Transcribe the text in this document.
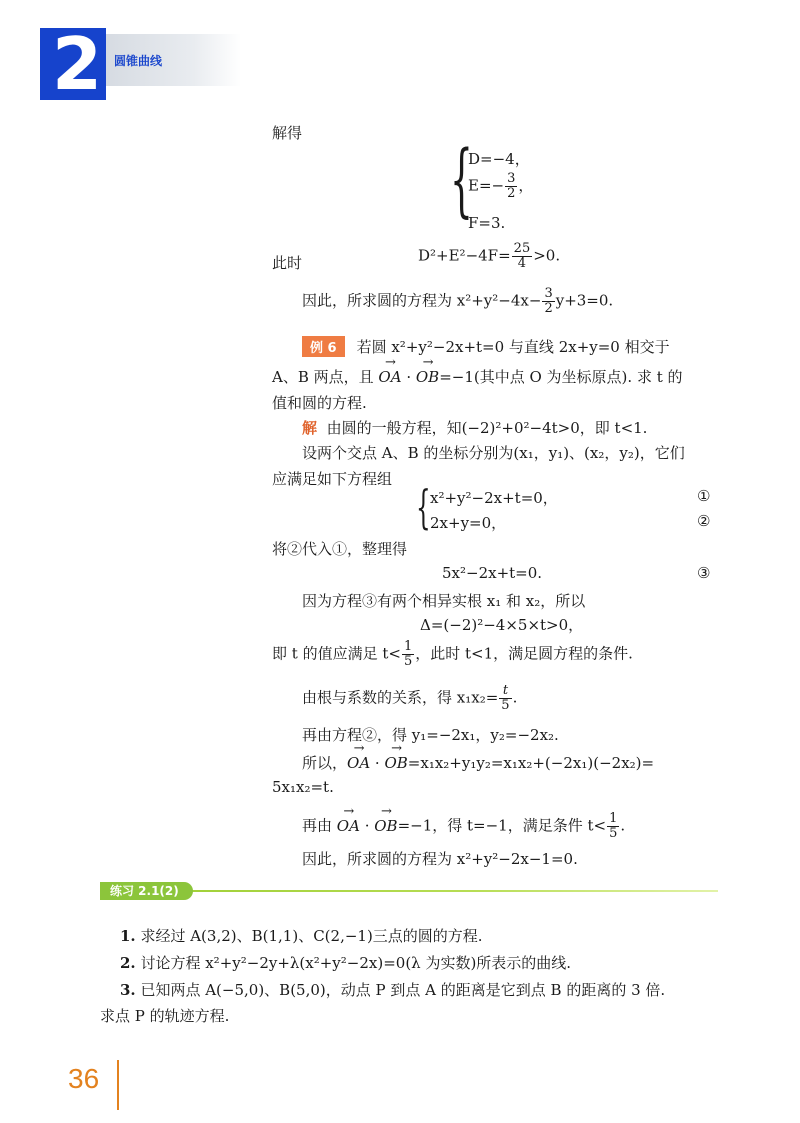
2 圆锥曲线
解得 {
D=−4，
$E=- \frac{3}{2}$ ，
F=3.
此时	$D^2+E^2-4F= \frac{25}{4} >0$.
因此，所求圆的方程为 $x^2+y^2-4x- \frac{3}{2} y+3=0$.
例 6 若圆 x²+y²−2x+t=0 与直线 2x+y=0 相交于
A、B 两点，且 → OA · → OB=−1(其中点 O 为坐标原点). 求 t 的
值和圆的方程.
解 由圆的一般方程，知(−2)²+0²−4t>0，即 t<1.
设两个交点 A、B 的坐标分别为(x₁，y₁)、(x₂，y₂)，它们
应满足如下方程组
{ x²+y²−2x+t=0，	①
2x+y=0，	②
将②代入①，整理得
5x²−2x+t=0.	③
因为方程③有两个相异实根 x₁ 和 x₂，所以
Δ=(−2)²−4×5×t>0，
即 t 的值应满足 $t< \frac{1}{5}$ ，此时 t<1，满足圆方程的条件.
由根与系数的关系，得 $x_1x_2= \frac{t}{5}$ .
再由方程②，得 y₁=−2x₁，y₂=−2x₂.
所以，→ OA · → OB=x₁x₂+y₁y₂=x₁x₂+(−2x₁)(−2x₂)=
5x₁x₂=t.
再由 → OA · → OB=−1，得 t=−1，满足条件 $t< \frac{1}{5}$ .
因此，所求圆的方程为 x²+y²−2x−1=0.
练习 2.1(2)
1. 求经过 A(3,2)、B(1,1)、C(2,−1)三点的圆的方程.
2. 讨论方程 x²+y²−2y+λ(x²+y²−2x)=0(λ 为实数)所表示的曲线.
3. 已知两点 A(−5,0)、B(5,0)，动点 P 到点 A 的距离是它到点 B 的距离的 3 倍.
求点 P 的轨迹方程.
36
